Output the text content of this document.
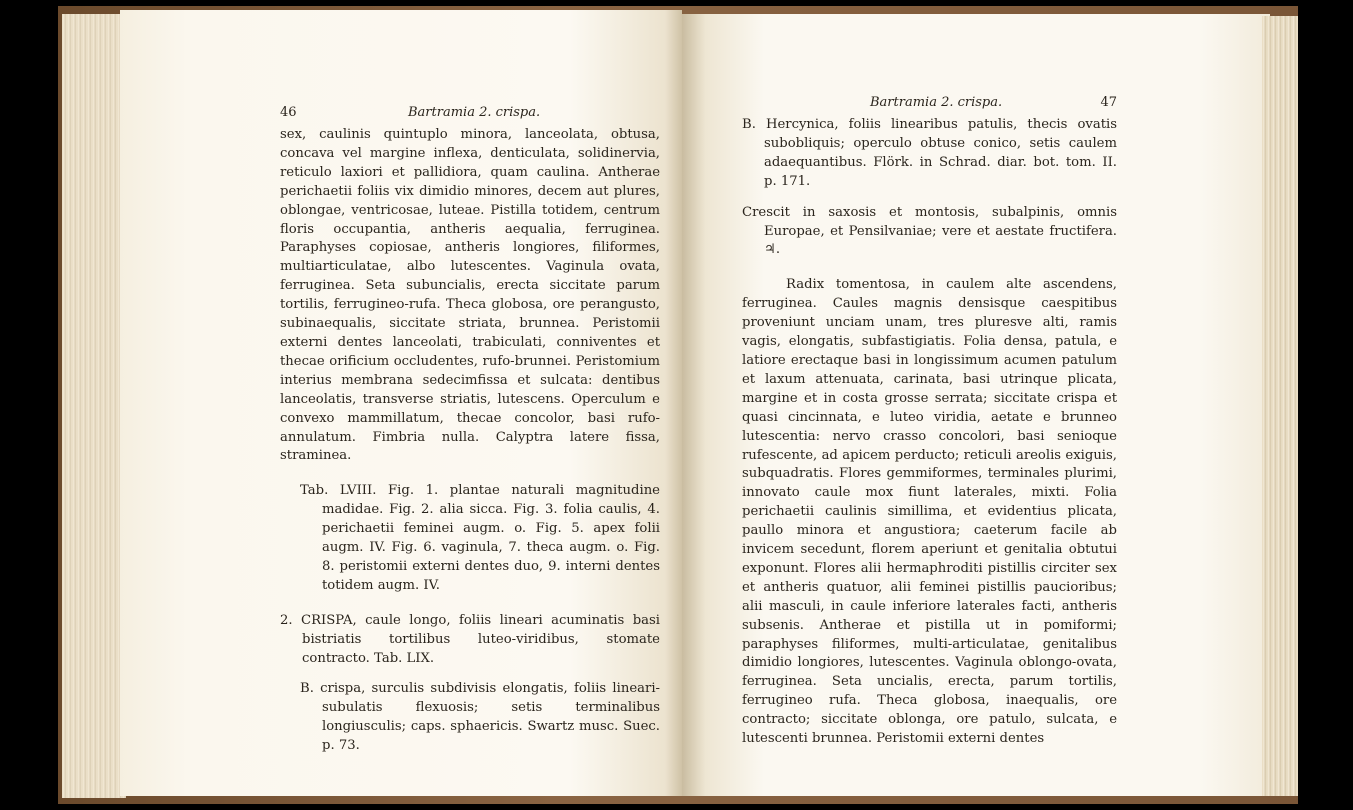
46	Bartramia 2. crispa.

sex, caulinis quintuplo minora, lanceolata, obtusa, concava vel margine inflexa, denticulata, solidinervia, reticulo laxiori et pallidiora, quam caulina. Antherae perichaetii foliis vix dimidio minores, decem aut plures, oblongae, ventricosae, luteae. Pistilla totidem, centrum floris occupantia, antheris aequalia, ferruginea. Paraphyses copiosae, antheris longiores, filiformes, multiarticulatae, albo lutescentes. Vaginula ovata, ferruginea. Seta subuncialis, erecta siccitate parum tortilis, ferrugineo-rufa. Theca globosa, ore perangusto, subinaequalis, siccitate striata, brunnea. Peristomii externi dentes lanceolati, trabiculati, conniventes et thecae orificium occludentes, rufo-brunnei. Peristomium interius membrana sedecimfissa et sulcata: dentibus lanceolatis, transverse striatis, lutescens. Operculum e convexo mammillatum, thecae concolor, basi rufo-annulatum. Fimbria nulla. Calyptra latere fissa, straminea.

Tab. LVIII. Fig. 1. plantae naturali magnitudine madidae. Fig. 2. alia sicca. Fig. 3. folia caulis, 4. perichaetii feminei augm. o. Fig. 5. apex folii augm. IV. Fig. 6. vaginula, 7. theca augm. o. Fig. 8. peristomii externi dentes duo, 9. interni dentes totidem augm. IV.

2. CRISPA, caule longo, foliis lineari acuminatis basi bistriatis tortilibus luteo-viridibus, stomate contracto. Tab. LIX.

B. crispa, surculis subdivisis elongatis, foliis lineari-subulatis flexuosis; setis terminalibus longiusculis; caps. sphaericis. Swartz musc. Suec. p. 73.

Bartramia 2. crispa.	47

B. Hercynica, foliis linearibus patulis, thecis ovatis subobliquis; operculo obtuse conico, setis caulem adaequantibus. Flörk. in Schrad. diar. bot. tom. II. p. 171.

Crescit in saxosis et montosis, subalpinis, omnis Europae, et Pensilvaniae; vere et aestate fructifera. ♃.

Radix tomentosa, in caulem alte ascendens, ferruginea. Caules magnis densisque caespitibus proveniunt unciam unam, tres pluresve alti, ramis vagis, elongatis, subfastigiatis. Folia densa, patula, e latiore erectaque basi in longissimum acumen patulum et laxum attenuata, carinata, basi utrinque plicata, margine et in costa grosse serrata; siccitate crispa et quasi cincinnata, e luteo viridia, aetate e brunneo lutescentia: nervo crasso concolori, basi senioque rufescente, ad apicem perducto; reticuli areolis exiguis, subquadratis. Flores gemmiformes, terminales plurimi, innovato caule mox fiunt laterales, mixti. Folia perichaetii caulinis simillima, et evidentius plicata, paullo minora et angustiora; caeterum facile ab invicem secedunt, florem aperiunt et genitalia obtutui exponunt. Flores alii hermaphroditi pistillis circiter sex et antheris quatuor, alii feminei pistillis paucioribus; alii masculi, in caule inferiore laterales facti, antheris subsenis. Antherae et pistilla ut in pomiformi; paraphyses filiformes, multi-articulatae, genitalibus dimidio longiores, lutescentes. Vaginula oblongo-ovata, ferruginea. Seta uncialis, erecta, parum tortilis, ferrugineo rufa. Theca globosa, inaequalis, ore contracto; siccitate oblonga, ore patulo, sulcata, e lutescenti brunnea. Peristomii externi dentes
